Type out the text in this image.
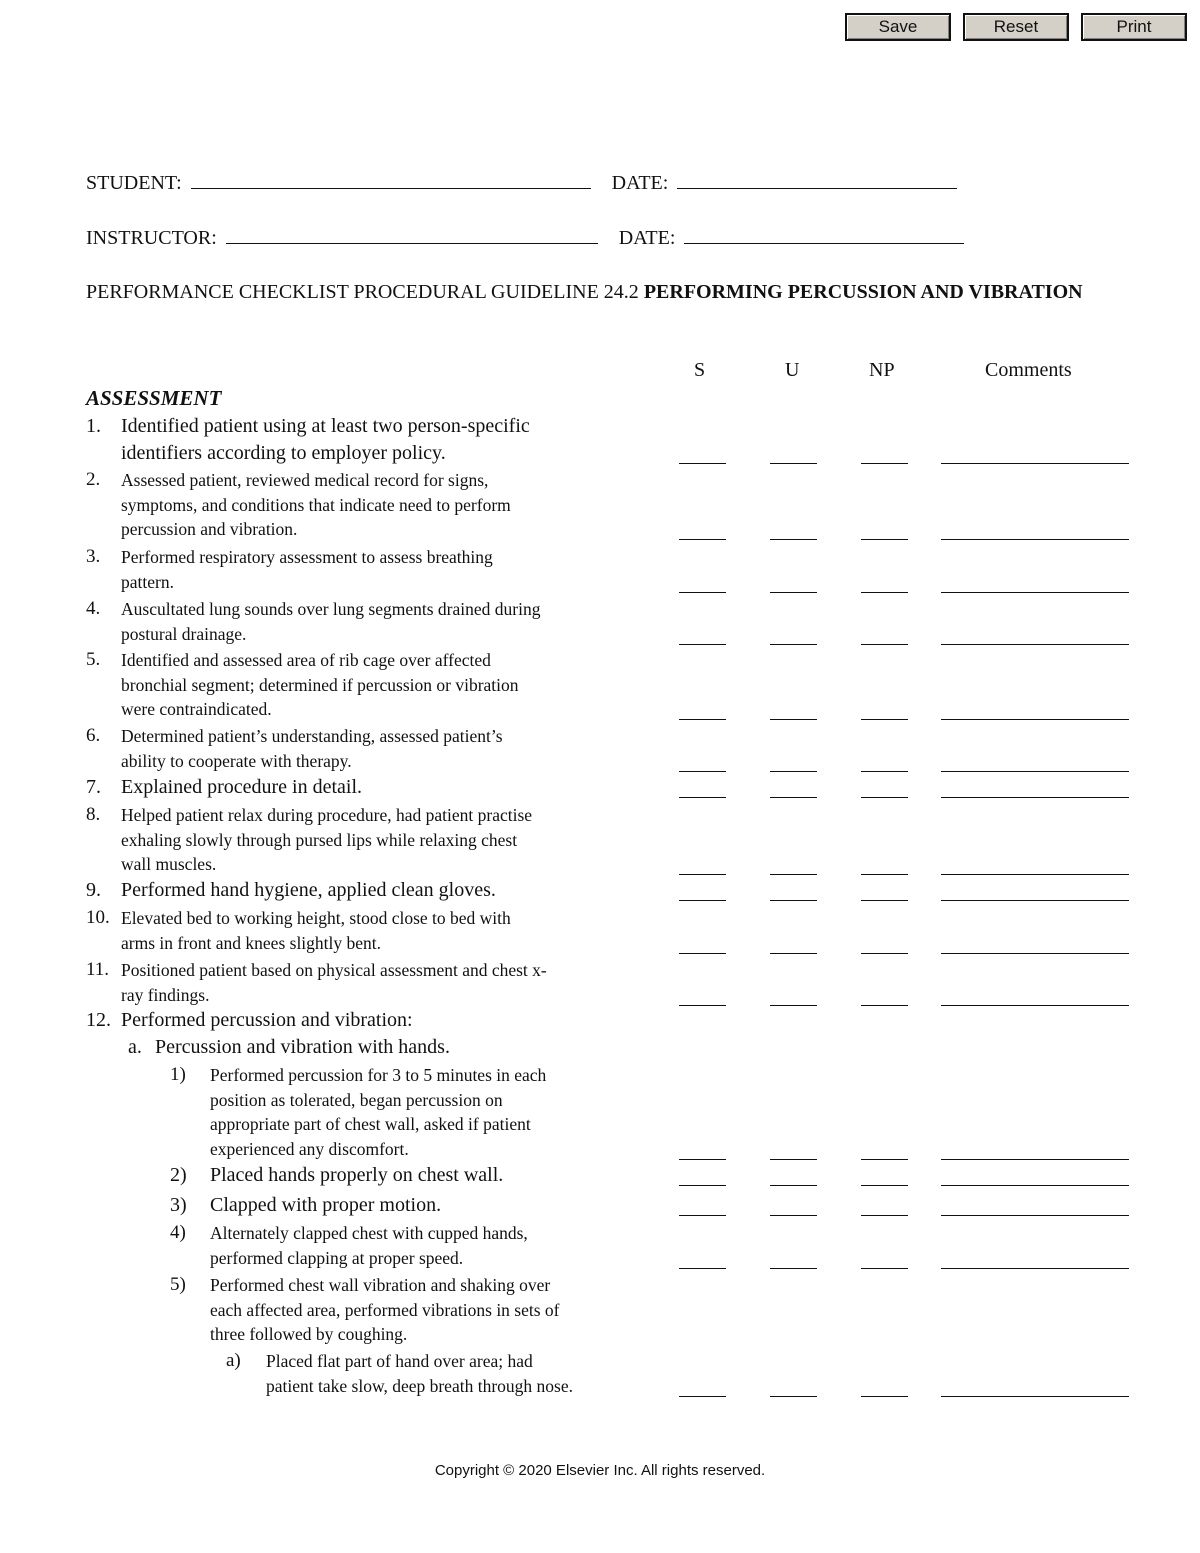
Save	Reset	Print
STUDENT:	DATE:
INSTRUCTOR:	DATE:
PERFORMANCE CHECKLIST PROCEDURAL GUIDELINE 24.2 PERFORMING PERCUSSION AND VIBRATION
S	U	NP	Comments
ASSESSMENT
1. Identified patient using at least two person-specific
identifiers according to employer policy.
2. Assessed patient, reviewed medical record for signs,
symptoms, and conditions that indicate need to perform
percussion and vibration.
3. Performed respiratory assessment to assess breathing
pattern.
4. Auscultated lung sounds over lung segments drained during
postural drainage.
5. Identified and assessed area of rib cage over affected
bronchial segment; determined if percussion or vibration
were contraindicated.
6. Determined patient’s understanding, assessed patient’s
ability to cooperate with therapy.
7. Explained procedure in detail.
8. Helped patient relax during procedure, had patient practise
exhaling slowly through pursed lips while relaxing chest
wall muscles.
9. Performed hand hygiene, applied clean gloves.
10. Elevated bed to working height, stood close to bed with
arms in front and knees slightly bent.
11. Positioned patient based on physical assessment and chest x-
ray findings.
12. Performed percussion and vibration:
a. Percussion and vibration with hands.
1) Performed percussion for 3 to 5 minutes in each
position as tolerated, began percussion on
appropriate part of chest wall, asked if patient
experienced any discomfort.
2) Placed hands properly on chest wall.
3) Clapped with proper motion.
4) Alternately clapped chest with cupped hands,
performed clapping at proper speed.
5) Performed chest wall vibration and shaking over
each affected area, performed vibrations in sets of
three followed by coughing.
a) Placed flat part of hand over area; had
patient take slow, deep breath through nose.
Copyright © 2020 Elsevier Inc. All rights reserved.
